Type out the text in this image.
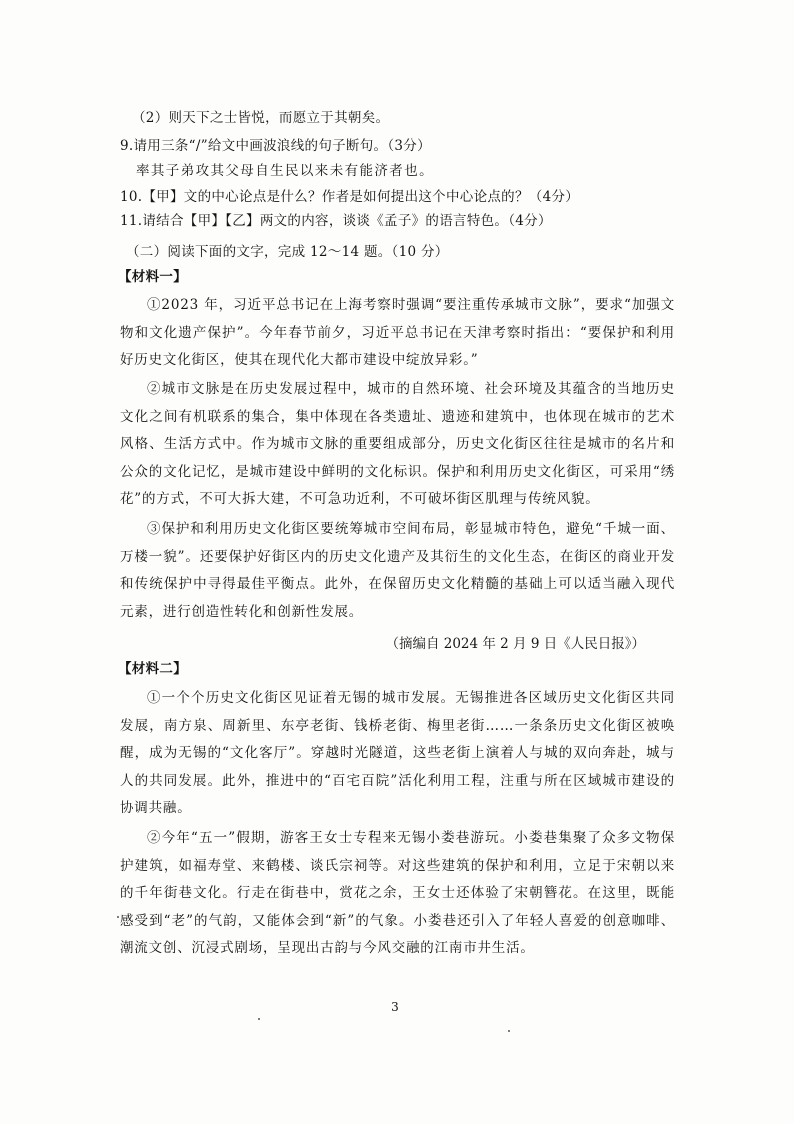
（2）则天下之士皆悦，而愿立于其朝矣。
9.请用三条“/”给文中画波浪线的句子断句。（3分）
率其子弟攻其父母自生民以来未有能济者也。
10.【甲】文的中心论点是什么？作者是如何提出这个中心论点的？（4分）
11.请结合【甲】【乙】两文的内容，谈谈《孟子》的语言特色。（4分）
（二）阅读下面的文字，完成 12～14 题。（10 分）
【材料一】
①2023 年，习近平总书记在上海考察时强调“要注重传承城市文脉”，要求“加强文物和文化遗产保护”。今年春节前夕，习近平总书记在天津考察时指出：“要保护和利用好历史文化街区，使其在现代化大都市建设中绽放异彩。”
②城市文脉是在历史发展过程中，城市的自然环境、社会环境及其蕴含的当地历史文化之间有机联系的集合，集中体现在各类遗址、遗迹和建筑中，也体现在城市的艺术风格、生活方式中。作为城市文脉的重要组成部分，历史文化街区往往是城市的名片和公众的文化记忆，是城市建设中鲜明的文化标识。保护和利用历史文化街区，可采用“绣花”的方式，不可大拆大建，不可急功近利，不可破坏街区肌理与传统风貌。
③保护和利用历史文化街区要统筹城市空间布局，彰显城市特色，避免“千城一面、万楼一貌”。还要保护好街区内的历史文化遗产及其衍生的文化生态，在街区的商业开发和传统保护中寻得最佳平衡点。此外，在保留历史文化精髓的基础上可以适当融入现代元素，进行创造性转化和创新性发展。
（摘编自 2024 年 2 月 9 日《人民日报》）
【材料二】
①一个个历史文化街区见证着无锡的城市发展。无锡推进各区域历史文化街区共同发展，南方泉、周新里、东亭老街、钱桥老街、梅里老街……一条条历史文化街区被唤醒，成为无锡的“文化客厅”。穿越时光隧道，这些老街上演着人与城的双向奔赴，城与人的共同发展。此外，推进中的“百宅百院”活化利用工程，注重与所在区域城市建设的协调共融。
②今年“五一”假期，游客王女士专程来无锡小娄巷游玩。小娄巷集聚了众多文物保护建筑，如福寿堂、来鹤楼、谈氏宗祠等。对这些建筑的保护和利用，立足于宋朝以来的千年街巷文化。行走在街巷中，赏花之余，王女士还体验了宋朝簪花。在这里，既能感受到“老”的气韵，又能体会到“新”的气象。小娄巷还引入了年轻人喜爱的创意咖啡、潮流文创、沉浸式剧场，呈现出古韵与今风交融的江南市井生活。
3
